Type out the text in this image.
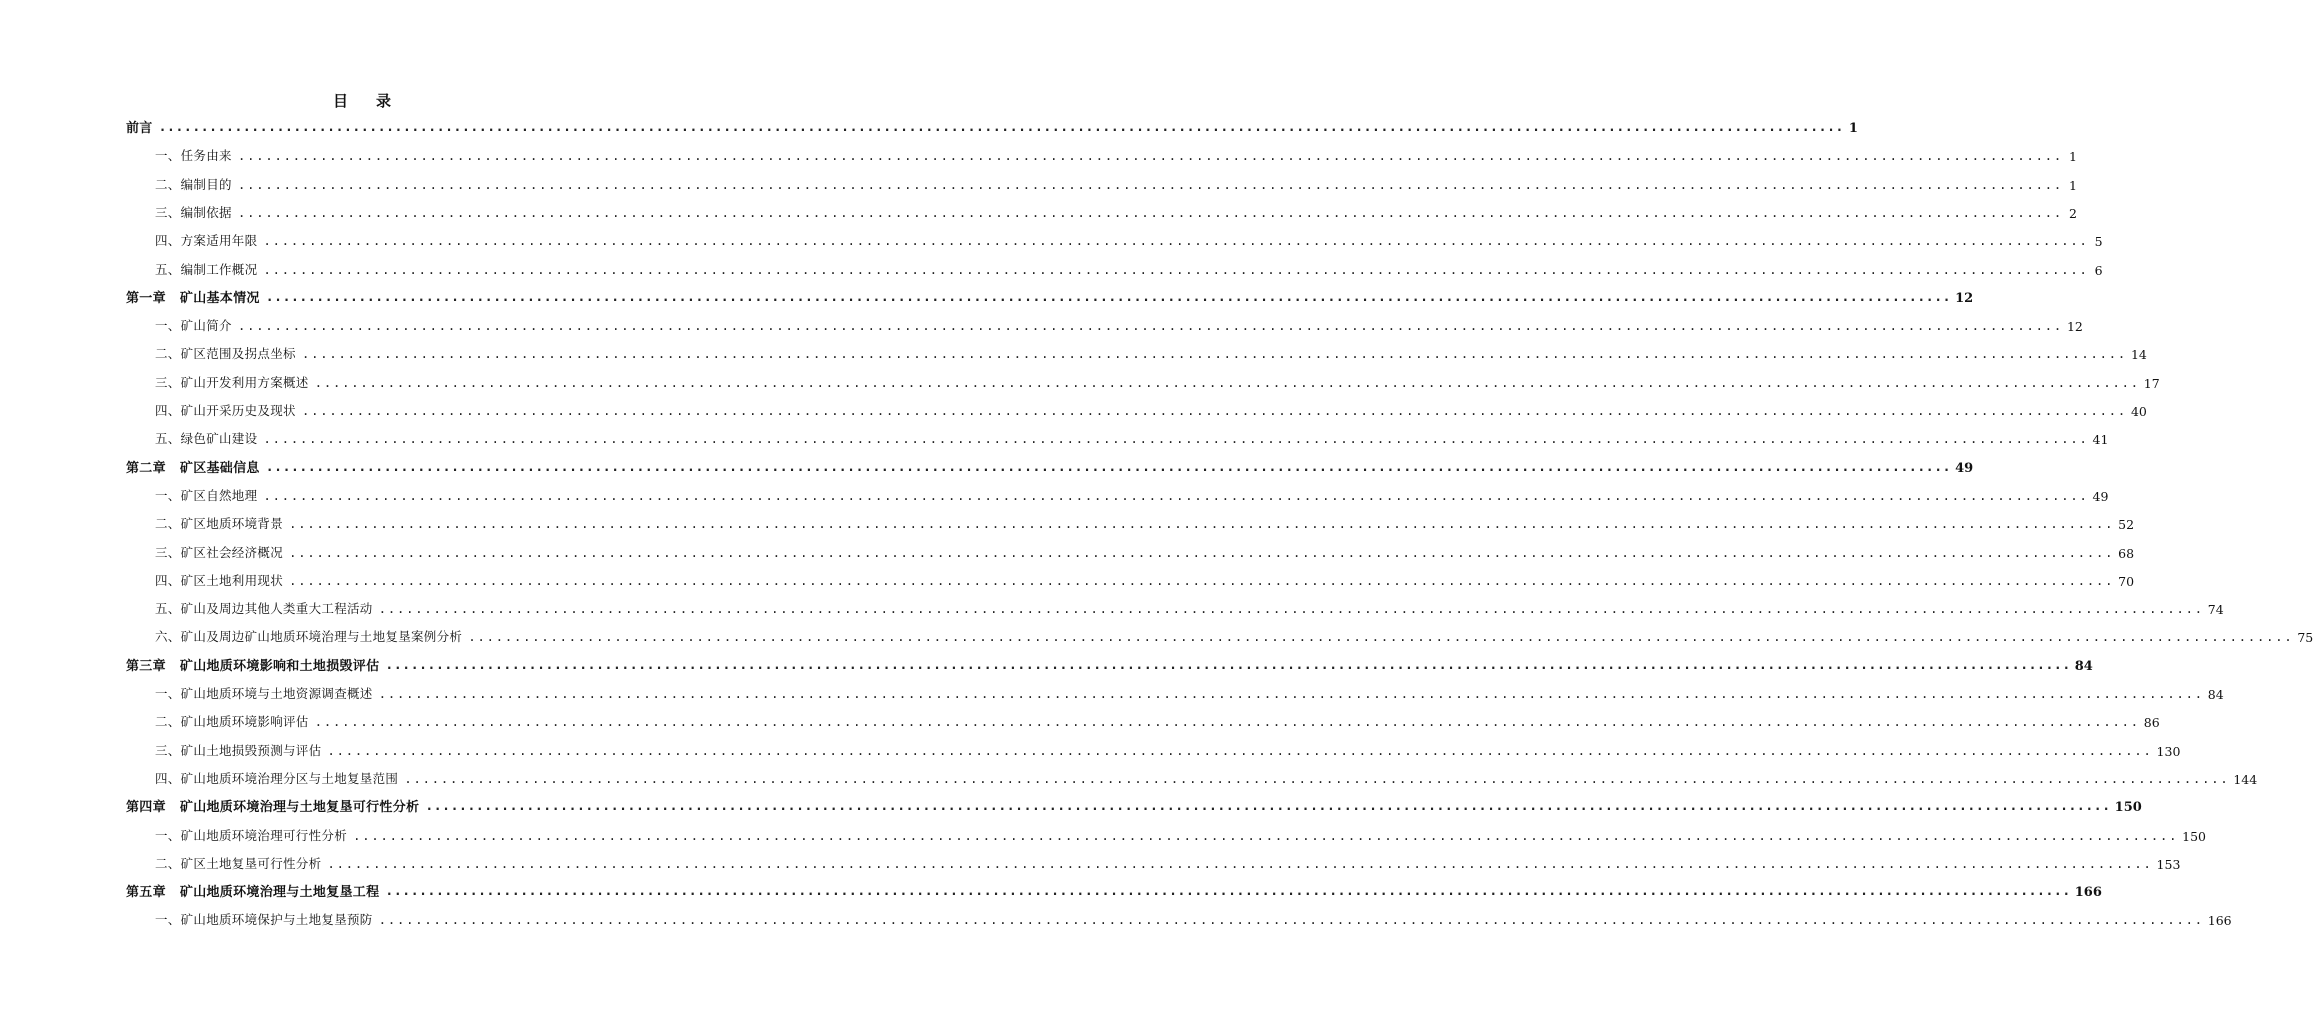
目 录
前言 ........................................................................................................................................................................................................ 1
一、任务由来 ........................................................................................................................................................................................................ 1
二、编制目的 ........................................................................................................................................................................................................ 1
三、编制依据 ........................................................................................................................................................................................................ 2
四、方案适用年限 ........................................................................................................................................................................................................ 5
五、编制工作概况 ........................................................................................................................................................................................................ 6
第一章 矿山基本情况 ........................................................................................................................................................................................................ 12
一、矿山简介 ........................................................................................................................................................................................................ 12
二、矿区范围及拐点坐标 ........................................................................................................................................................................................................ 14
三、矿山开发利用方案概述 ........................................................................................................................................................................................................ 17
四、矿山开采历史及现状 ........................................................................................................................................................................................................ 40
五、绿色矿山建设 ........................................................................................................................................................................................................ 41
第二章 矿区基础信息 ........................................................................................................................................................................................................ 49
一、矿区自然地理 ........................................................................................................................................................................................................ 49
二、矿区地质环境背景 ........................................................................................................................................................................................................ 52
三、矿区社会经济概况 ........................................................................................................................................................................................................ 68
四、矿区土地利用现状 ........................................................................................................................................................................................................ 70
五、矿山及周边其他人类重大工程活动 ........................................................................................................................................................................................................ 74
六、矿山及周边矿山地质环境治理与土地复垦案例分析 ........................................................................................................................................................................................................ 75
第三章 矿山地质环境影响和土地损毁评估 ........................................................................................................................................................................................................ 84
一、矿山地质环境与土地资源调查概述 ........................................................................................................................................................................................................ 84
二、矿山地质环境影响评估 ........................................................................................................................................................................................................ 86
三、矿山土地损毁预测与评估 ........................................................................................................................................................................................................ 130
四、矿山地质环境治理分区与土地复垦范围 ........................................................................................................................................................................................................ 144
第四章 矿山地质环境治理与土地复垦可行性分析 ........................................................................................................................................................................................................ 150
一、矿山地质环境治理可行性分析 ........................................................................................................................................................................................................ 150
二、矿区土地复垦可行性分析 ........................................................................................................................................................................................................ 153
第五章 矿山地质环境治理与土地复垦工程 ........................................................................................................................................................................................................ 166
一、矿山地质环境保护与土地复垦预防 ........................................................................................................................................................................................................ 166
